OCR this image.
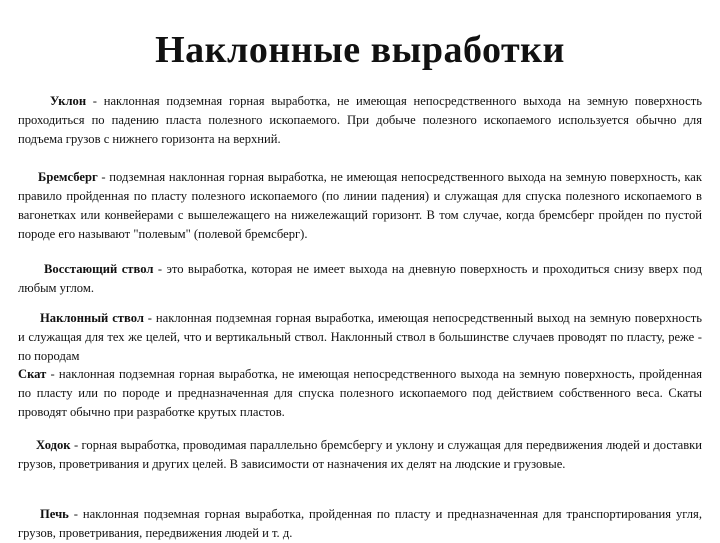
Наклонные выработки

Уклон - наклонная подземная горная выработка, не имеющая непосредственного выхода на земную поверхность проходиться по падению пласта полезного ископаемого. При добыче полезного ископаемого используется обычно для подъема грузов с нижнего горизонта на верхний.

Бремсберг - подземная наклонная горная выработка, не имеющая непосредственного выхода на земную поверхность, как правило пройденная по пласту полезного ископаемого (по линии падения) и служащая для спуска полезного ископаемого в вагонетках или конвейерами с вышележащего на нижележащий горизонт. В том случае, когда бремсберг пройден по пустой породе его называют "полевым" (полевой бремсберг).

Восстающий ствол - это выработка, которая не имеет выхода на дневную поверхность и проходиться снизу вверх под любым углом.

Наклонный ствол - наклонная подземная горная выработка, имеющая непосредственный выход на земную поверхность и служащая для тех же целей, что и вертикальный ствол. Наклонный ствол в большинстве случаев проводят по пласту, реже - по породам

Скат - наклонная подземная горная выработка, не имеющая непосредственного выхода на земную поверхность, пройденная по пласту или по породе и предназначенная для спуска полезного ископаемого под действием собственного веса. Скаты проводят обычно при разработке крутых пластов.

Ходок - горная выработка, проводимая параллельно бремсбергу и уклону и служащая для передвижения людей и доставки грузов, проветривания и других целей. В зависимости от назначения их делят на людские и грузовые.

Печь - наклонная подземная горная выработка, пройденная по пласту и предназначенная для транспортирования угля, грузов, проветривания, передвижения людей и т. д.
